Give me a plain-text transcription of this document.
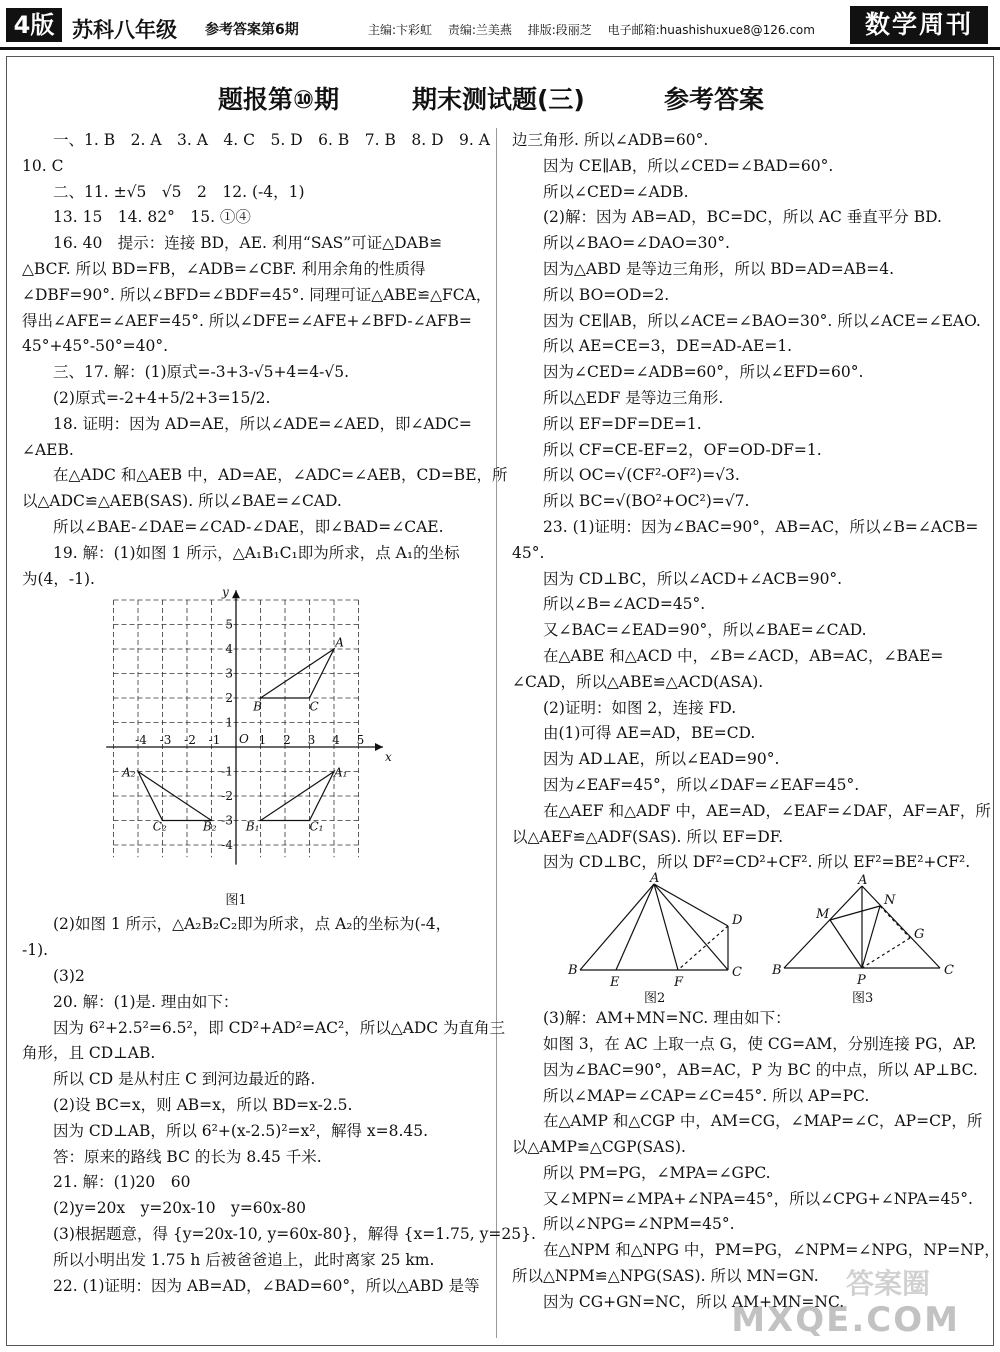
4版 苏科八年级 参考答案第6期	主编:卞彩虹 责编:兰美燕 排版:段丽芝 电子邮箱:huashishuxue8@126.com	数学周刊
题报第⑩期	期末测试题(三)	参考答案

一、1. B　2. A　3. A　4. C　5. D　6. B　7. B　8. D　9. A

10. C

二、11. ±√5　√5　2　12. (-4，1)

13. 15　14. 82°　15. ①④

16. 40　提示：连接 BD，AE. 利用“SAS”可证△DAB≌

△BCF. 所以 BD=FB，∠ADB=∠CBF. 利用余角的性质得

∠DBF=90°. 所以∠BFD=∠BDF=45°. 同理可证△ABE≌△FCA，

得出∠AFE=∠AEF=45°. 所以∠DFE=∠AFE+∠BFD-∠AFB=

45°+45°-50°=40°.

三、17. 解：(1)原式=-3+3-√5+4=4-√5.

(2)原式=-2+4+5/2+3=15/2.

18. 证明：因为 AD=AE，所以∠ADE=∠AED，即∠ADC=

∠AEB.

在△ADC 和△AEB 中，AD=AE，∠ADC=∠AEB，CD=BE，所

以△ADC≌△AEB(SAS). 所以∠BAE=∠CAD.

所以∠BAE-∠DAE=∠CAD-∠DAE，即∠BAD=∠CAE.

19. 解：(1)如图 1 所示，△A₁B₁C₁即为所求，点 A₁的坐标

为(4，-1).

x
y
O
-4 -3 -2 -1	1 2 3 4 5
5
4
3
2
1
-1
-2
-3
-4
A
B	C
A₁
B₁	C₁
A₂
B₂
C₂
图1

(2)如图 1 所示，△A₂B₂C₂即为所求，点 A₂的坐标为(-4，

-1).

(3)2

20. 解：(1)是. 理由如下：

因为 6²+2.5²=6.5²，即 CD²+AD²=AC²，所以△ADC 为直角三

角形，且 CD⊥AB.

所以 CD 是从村庄 C 到河边最近的路.

(2)设 BC=x，则 AB=x，所以 BD=x-2.5.

因为 CD⊥AB，所以 6²+(x-2.5)²=x²，解得 x=8.45.

答：原来的路线 BC 的长为 8.45 千米.

21. 解：(1)20　60

(2)y=20x　y=20x-10　y=60x-80

(3)根据题意，得 {y=20x-10, y=60x-80}，解得 {x=1.75, y=25}.

所以小明出发 1.75 h 后被爸爸追上，此时离家 25 km.

22. (1)证明：因为 AB=AD，∠BAD=60°，所以△ABD 是等

边三角形. 所以∠ADB=60°.

因为 CE∥AB，所以∠CED=∠BAD=60°.

所以∠CED=∠ADB.

(2)解：因为 AB=AD，BC=DC，所以 AC 垂直平分 BD.

所以∠BAO=∠DAO=30°.

因为△ABD 是等边三角形，所以 BD=AD=AB=4.

所以 BO=OD=2.

因为 CE∥AB，所以∠ACE=∠BAO=30°. 所以∠ACE=∠EAO.

所以 AE=CE=3，DE=AD-AE=1.

因为∠CED=∠ADB=60°，所以∠EFD=60°.

所以△EDF 是等边三角形.

所以 EF=DF=DE=1.

所以 CF=CE-EF=2，OF=OD-DF=1.

所以 OC=√(CF²-OF²)=√3.

所以 BC=√(BO²+OC²)=√7.

23. (1)证明：因为∠BAC=90°，AB=AC，所以∠B=∠ACB=

45°.

因为 CD⊥BC，所以∠ACD+∠ACB=90°.

所以∠B=∠ACD=45°.

又∠BAC=∠EAD=90°，所以∠BAE=∠CAD.

在△ABE 和△ACD 中，∠B=∠ACD，AB=AC，∠BAE=

∠CAD，所以△ABE≌△ACD(ASA).

(2)证明：如图 2，连接 FD.

由(1)可得 AE=AD，BE=CD.

因为 AD⊥AE，所以∠EAD=90°.

因为∠EAF=45°，所以∠DAF=∠EAF=45°.

在△AEF 和△ADF 中，AE=AD，∠EAF=∠DAF，AF=AF，所

以△AEF≌△ADF(SAS). 所以 EF=DF.

因为 CD⊥BC，所以 DF²=CD²+CF². 所以 EF²=BE²+CF².

A
B	C
D
E	F
图2
A
B	C
M
N
G
P
图3

(3)解：AM+MN=NC. 理由如下：

如图 3，在 AC 上取一点 G，使 CG=AM，分别连接 PG，AP.

因为∠BAC=90°，AB=AC，P 为 BC 的中点，所以 AP⊥BC.

所以∠MAP=∠CAP=∠C=45°. 所以 AP=PC.

在△AMP 和△CGP 中，AM=CG，∠MAP=∠C，AP=CP，所

以△AMP≌△CGP(SAS).

所以 PM=PG，∠MPA=∠GPC.

又∠MPN=∠MPA+∠NPA=45°，所以∠CPG+∠NPA=45°.

所以∠NPG=∠NPM=45°.

在△NPM 和△NPG 中，PM=PG，∠NPM=∠NPG，NP=NP，

所以△NPM≌△NPG(SAS). 所以 MN=GN.

因为 CG+GN=NC，所以 AM+MN=NC.

答案圈
MXQE.COM
